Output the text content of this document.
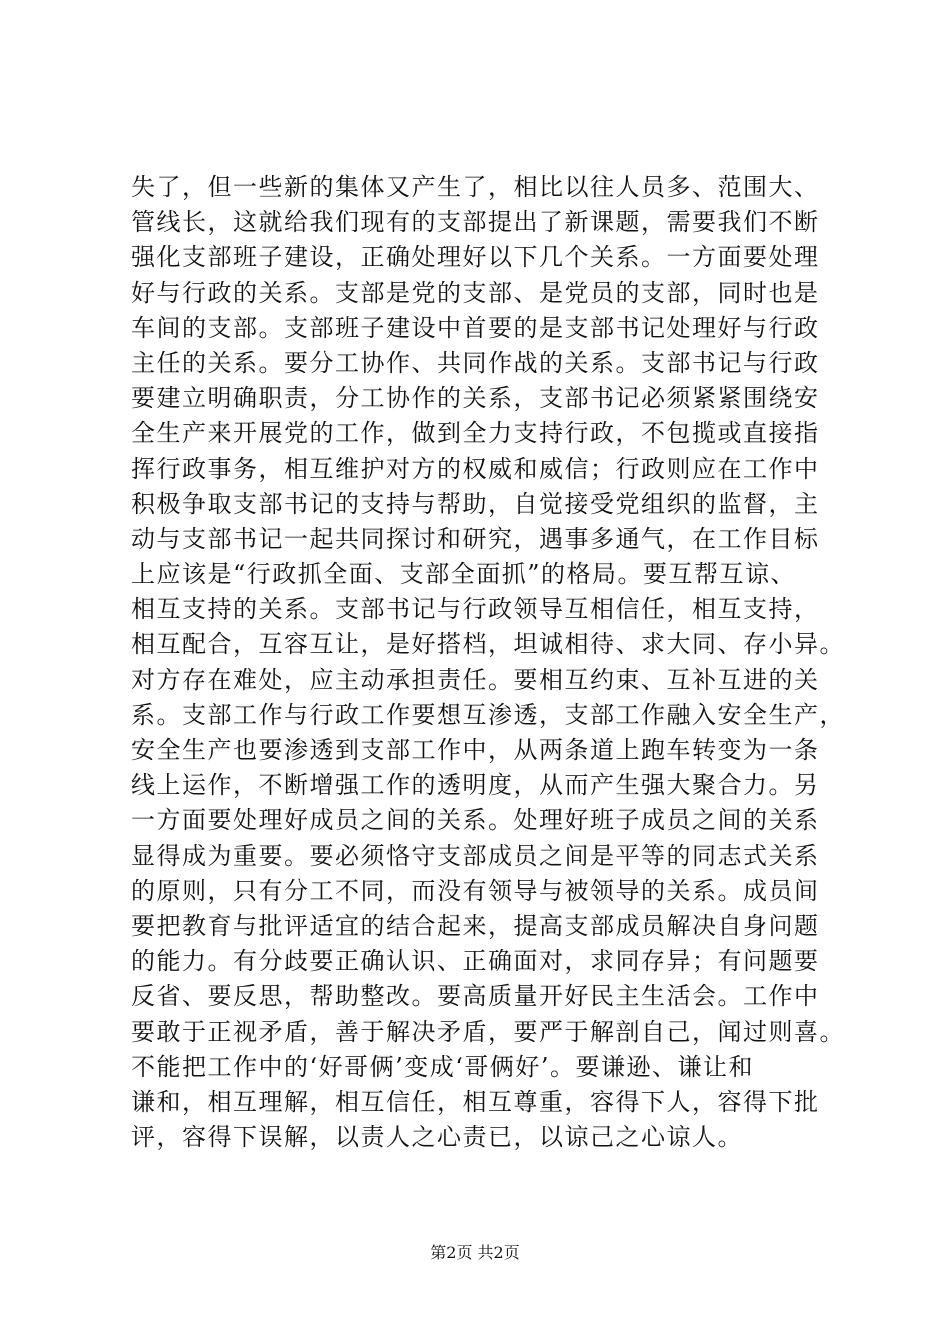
失了，但一些新的集体又产生了，相比以往人员多、范围大、
管线长，这就给我们现有的支部提出了新课题，需要我们不断
强化支部班子建设，正确处理好以下几个关系。一方面要处理
好与行政的关系。支部是党的支部、是党员的支部，同时也是
车间的支部。支部班子建设中首要的是支部书记处理好与行政
主任的关系。要分工协作、共同作战的关系。支部书记与行政
要建立明确职责，分工协作的关系，支部书记必须紧紧围绕安
全生产来开展党的工作，做到全力支持行政，不包揽或直接指
挥行政事务，相互维护对方的权威和威信；行政则应在工作中
积极争取支部书记的支持与帮助，自觉接受党组织的监督，主
动与支部书记一起共同探讨和研究，遇事多通气，在工作目标
上应该是“行政抓全面、支部全面抓”的格局。要互帮互谅、
相互支持的关系。支部书记与行政领导互相信任，相互支持，
相互配合，互容互让，是好搭档，坦诚相待、求大同、存小异。
对方存在难处，应主动承担责任。要相互约束、互补互进的关
系。支部工作与行政工作要想互渗透，支部工作融入安全生产，
安全生产也要渗透到支部工作中，从两条道上跑车转变为一条
线上运作，不断增强工作的透明度，从而产生强大聚合力。另
一方面要处理好成员之间的关系。处理好班子成员之间的关系
显得成为重要。要必须恪守支部成员之间是平等的同志式关系
的原则，只有分工不同，而没有领导与被领导的关系。成员间
要把教育与批评适宜的结合起来，提高支部成员解决自身问题
的能力。有分歧要正确认识、正确面对，求同存异；有问题要
反省、要反思，帮助整改。要高质量开好民主生活会。工作中
要敢于正视矛盾，善于解决矛盾，要严于解剖自己，闻过则喜。
不能把工作中的‘好哥俩’变成‘哥俩好’。要谦逊、谦让和
谦和，相互理解，相互信任，相互尊重，容得下人，容得下批
评，容得下误解，以责人之心责已，以谅己之心谅人。
第2页 共2页
